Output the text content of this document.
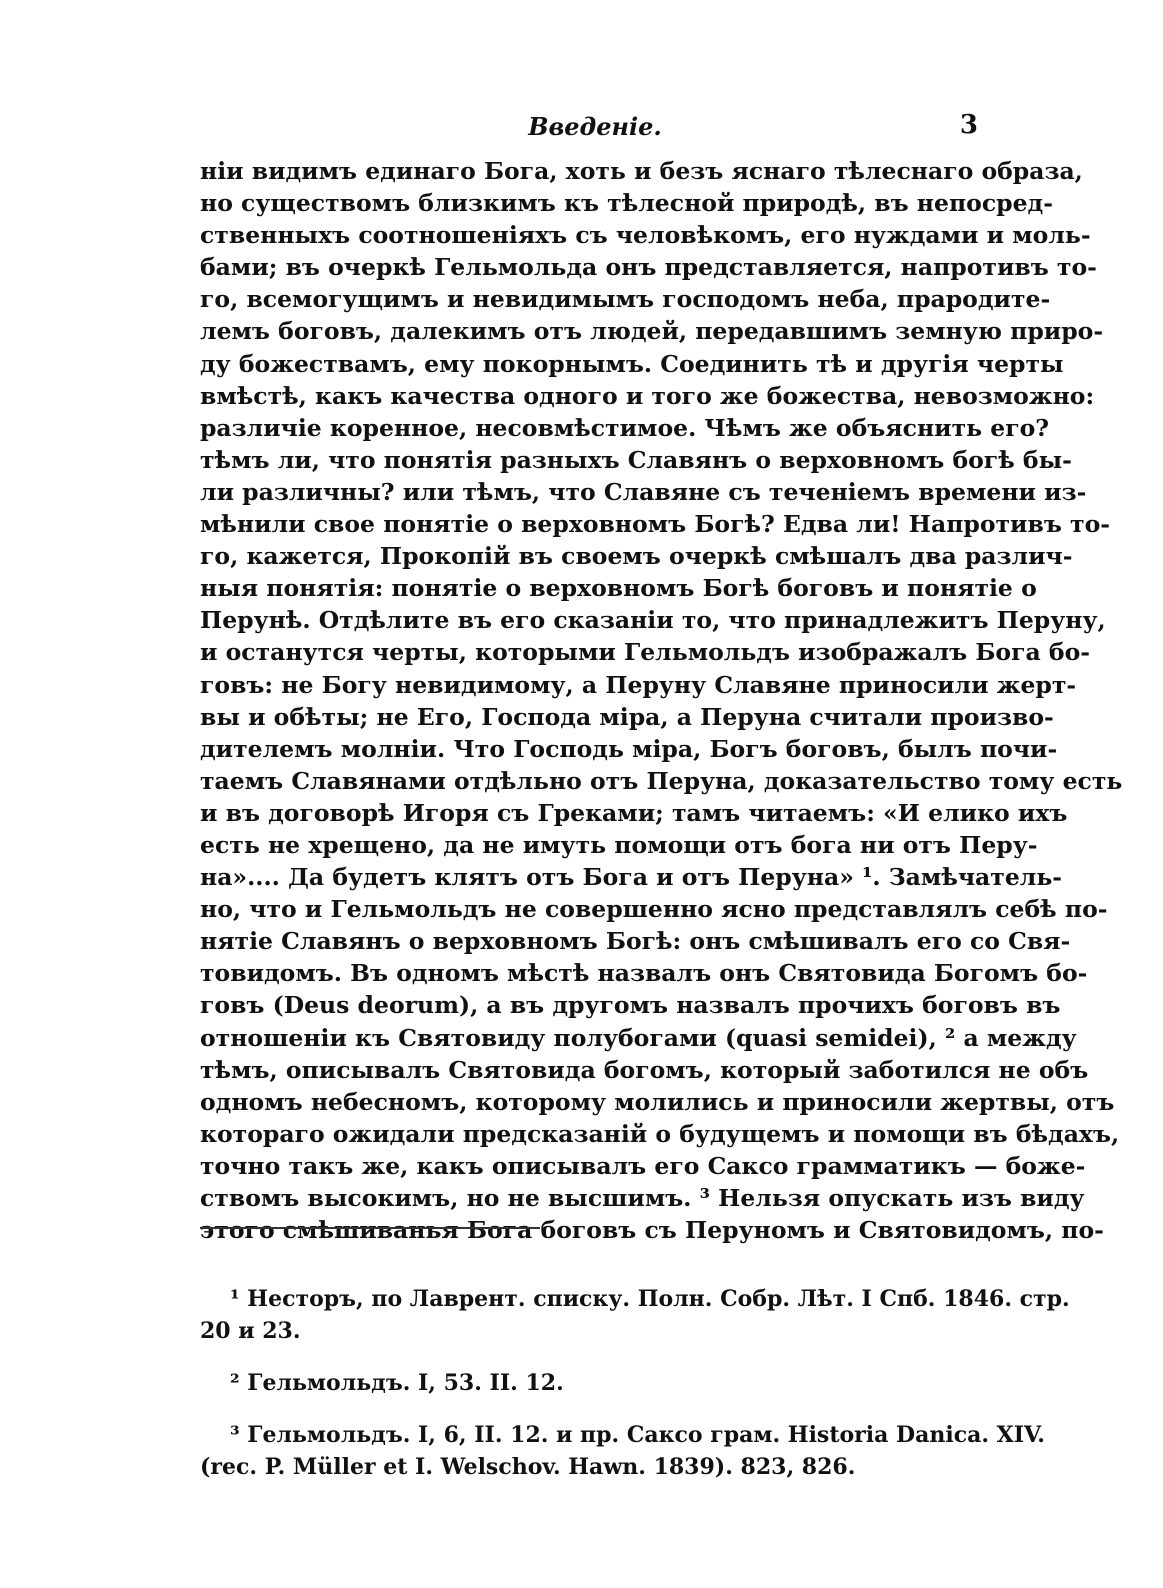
Введеніе.	3
ніи видимъ единаго Бога, хоть и безъ яснаго тѣлеснаго образа,
но существомъ близкимъ къ тѣлесной природѣ, въ непосред-
ственныхъ соотношеніяхъ съ человѣкомъ, его нуждами и моль-
бами; въ очеркѣ Гельмольда онъ представляется, напротивъ то-
го, всемогущимъ и невидимымъ господомъ неба, прародите-
лемъ боговъ, далекимъ отъ людей, передавшимъ земную приро-
ду божествамъ, ему покорнымъ. Соединить тѣ и другія черты
вмѣстѣ, какъ качества одного и того же божества, невозможно:
различіе коренное, несовмѣстимое. Чѣмъ же объяснить его?
тѣмъ ли, что понятія разныхъ Славянъ о верховномъ богѣ бы-
ли различны? или тѣмъ, что Славяне съ теченіемъ времени из-
мѣнили свое понятіе о верховномъ Богѣ? Едва ли! Напротивъ то-
го, кажется, Прокопій въ своемъ очеркѣ смѣшалъ два различ-
ныя понятія: понятіе о верховномъ Богѣ боговъ и понятіе о
Перунѣ. Отдѣлите въ его сказаніи то, что принадлежитъ Перуну,
и останутся черты, которыми Гельмольдъ изображалъ Бога бо-
говъ: не Богу невидимому, а Перуну Славяне приносили жерт-
вы и обѣты; не Его, Господа міра, а Перуна считали произво-
дителемъ молніи. Что Господь міра, Богъ боговъ, былъ почи-
таемъ Славянами отдѣльно отъ Перуна, доказательство тому есть
и въ договорѣ Игоря съ Греками; тамъ читаемъ: «И елико ихъ
есть не хрещено, да не имуть помощи отъ бога ни отъ Перу-
на».... Да будетъ клятъ отъ Бога и отъ Перуна» ¹. Замѣчатель-
но, что и Гельмольдъ не совершенно ясно представлялъ себѣ по-
нятіе Славянъ о верховномъ Богѣ: онъ смѣшивалъ его со Свя-
товидомъ. Въ одномъ мѣстѣ назвалъ онъ Святовида Богомъ бо-
говъ (Deus deorum), а въ другомъ назвалъ прочихъ боговъ въ
отношеніи къ Святовиду полубогами (quasi semidei), ² а между
тѣмъ, описывалъ Святовида богомъ, который заботился не объ
одномъ небесномъ, которому молились и приносили жертвы, отъ
котораго ожидали предсказаній о будущемъ и помощи въ бѣдахъ,
точно такъ же, какъ описывалъ его Саксо грамматикъ — боже-
ствомъ высокимъ, но не высшимъ. ³ Нельзя опускать изъ виду
этого смѣшиванья Бога боговъ съ Перуномъ и Святовидомъ, по-
¹ Несторъ, по Лаврент. списку. Полн. Собр. Лѣт. I Спб. 1846. стр.
20 и 23.
² Гельмольдъ. I, 53. II. 12.
³ Гельмольдъ. I, 6, II. 12. и пр. Саксо грам. Historia Danica. XIV.
(rec. P. Müller et I. Welschov. Hawn. 1839). 823, 826.
